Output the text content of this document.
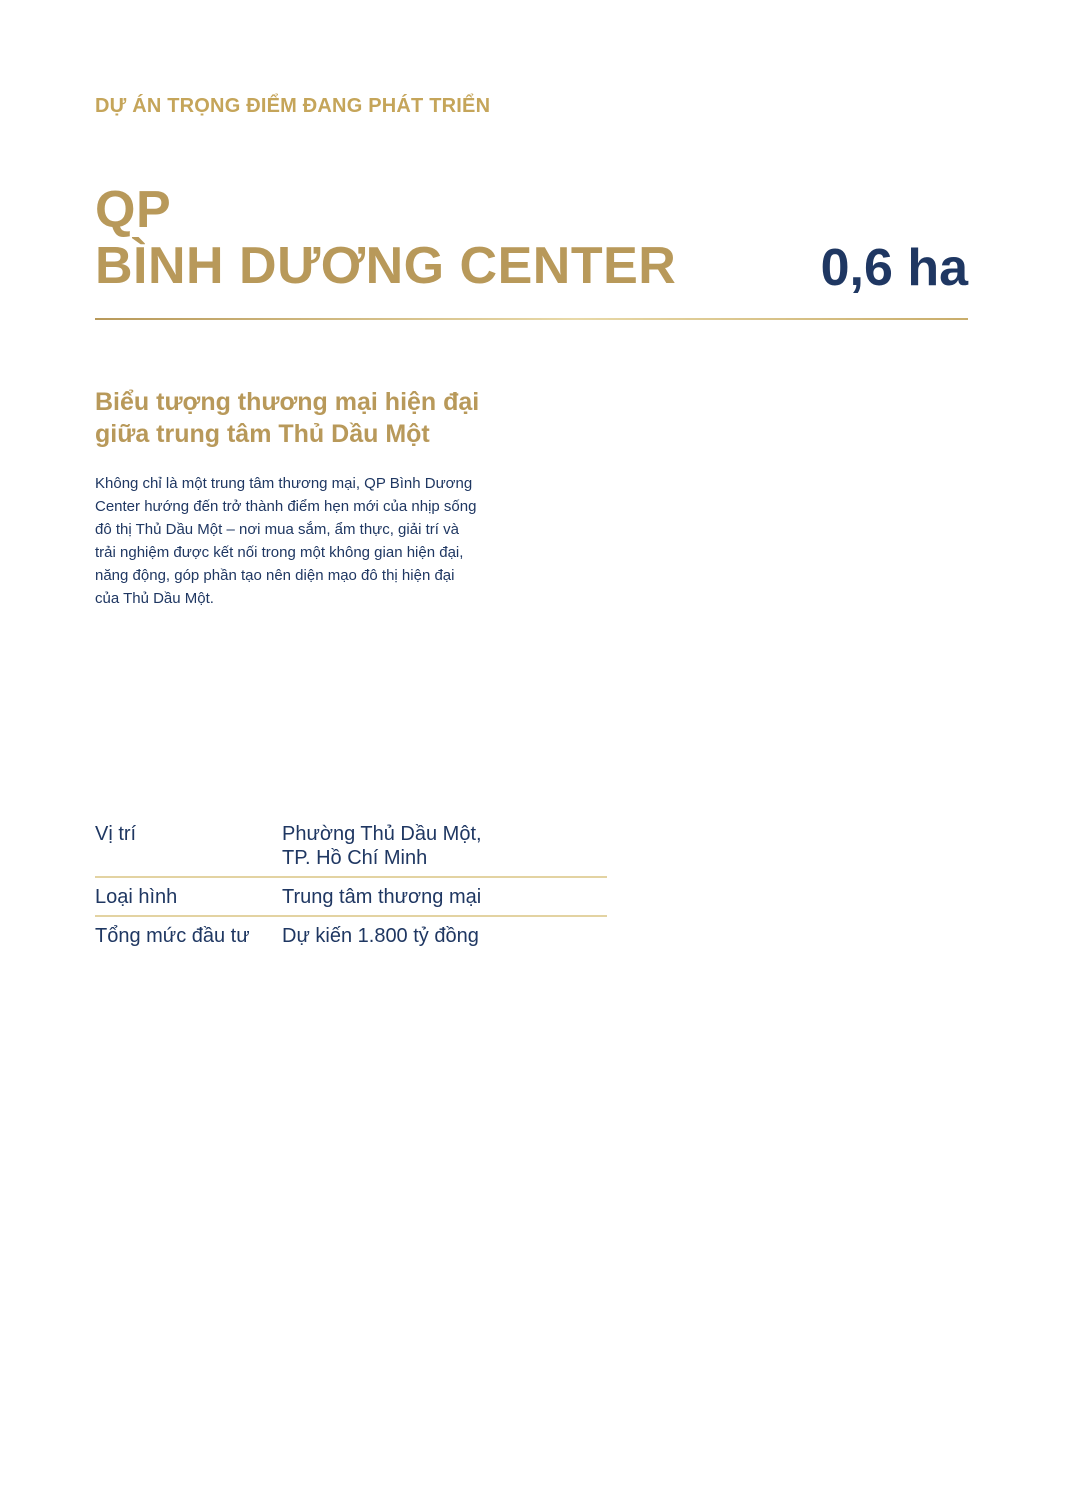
DỰ ÁN TRỌNG ĐIỂM ĐANG PHÁT TRIỂN
QP
BÌNH DƯƠNG CENTER	0,6 ha
Biểu tượng thương mại hiện đại
giữa trung tâm Thủ Dầu Một
Không chỉ là một trung tâm thương mại, QP Bình Dương
Center hướng đến trở thành điểm hẹn mới của nhịp sống
đô thị Thủ Dầu Một – nơi mua sắm, ẩm thực, giải trí và
trải nghiệm được kết nối trong một không gian hiện đại,
năng động, góp phần tạo nên diện mạo đô thị hiện đại
của Thủ Dầu Một.
Vị trí	Phường Thủ Dầu Một,
TP. Hồ Chí Minh
Loại hình	Trung tâm thương mại
Tổng mức đầu tư	Dự kiến 1.800 tỷ đồng
